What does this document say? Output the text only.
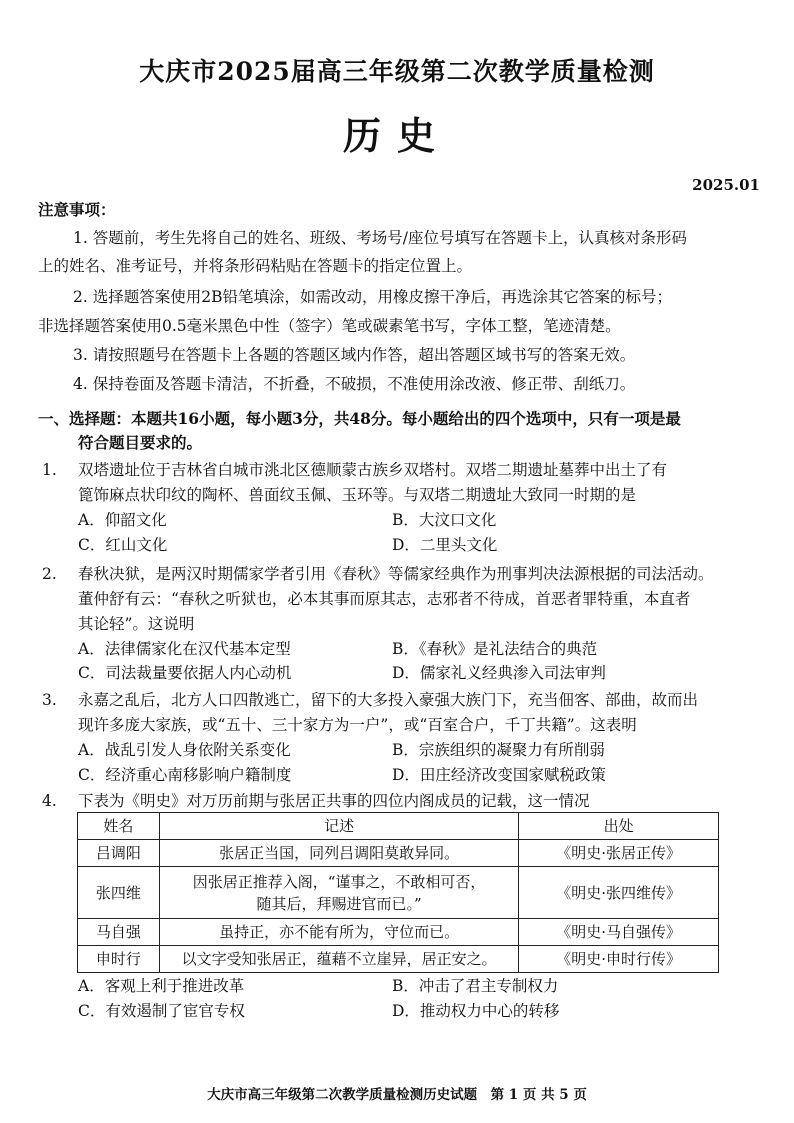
大庆市2025届高三年级第二次教学质量检测
历史
2025.01
注意事项：
1. 答题前，考生先将自己的姓名、班级、考场号/座位号填写在答题卡上，认真核对条形码
上的姓名、准考证号，并将条形码粘贴在答题卡的指定位置上。
2. 选择题答案使用2B铅笔填涂，如需改动，用橡皮擦干净后，再选涂其它答案的标号；
非选择题答案使用0.5毫米黑色中性（签字）笔或碳素笔书写，字体工整，笔迹清楚。
3. 请按照题号在答题卡上各题的答题区域内作答，超出答题区域书写的答案无效。
4. 保持卷面及答题卡清洁，不折叠，不破损，不准使用涂改液、修正带、刮纸刀。
一、选择题：本题共16小题，每小题3分，共48分。每小题给出的四个选项中，只有一项是最
符合题目要求的。
1. 双塔遗址位于吉林省白城市洮北区德顺蒙古族乡双塔村。双塔二期遗址墓葬中出土了有
篦饰麻点状印纹的陶杯、兽面纹玉佩、玉环等。与双塔二期遗址大致同一时期的是
A．仰韶文化	B．大汶口文化
C．红山文化	D．二里头文化
2. 春秋决狱，是两汉时期儒家学者引用《春秋》等儒家经典作为刑事判决法源根据的司法活动。
董仲舒有云：“春秋之听狱也，必本其事而原其志，志邪者不待成，首恶者罪特重，本直者
其论轻”。这说明
A．法律儒家化在汉代基本定型	B．《春秋》是礼法结合的典范
C．司法裁量要依据人内心动机	D．儒家礼义经典渗入司法审判
3. 永嘉之乱后，北方人口四散逃亡，留下的大多投入豪强大族门下，充当佃客、部曲，故而出
现许多庞大家族，或“五十、三十家方为一户”，或“百室合户，千丁共籍”。这表明
A．战乱引发人身依附关系变化	B．宗族组织的凝聚力有所削弱
C．经济重心南移影响户籍制度	D．田庄经济改变国家赋税政策
4. 下表为《明史》对万历前期与张居正共事的四位内阁成员的记载，这一情况
姓名	记述	出处
吕调阳	张居正当国，同列吕调阳莫敢异同。	《明史·张居正传》
张四维	因张居正推荐入阁，“谨事之，不敢相可否，
随其后，拜赐进官而已。”	《明史·张四维传》
马自强	虽持正，亦不能有所为，守位而已。	《明史·马自强传》
申时行	以文字受知张居正，蕴藉不立崖异，居正安之。	《明史·申时行传》
A．客观上利于推进改革	B．冲击了君主专制权力
C．有效遏制了宦官专权	D．推动权力中心的转移
大庆市高三年级第二次教学质量检测历史试题　第 1 页 共 5 页
